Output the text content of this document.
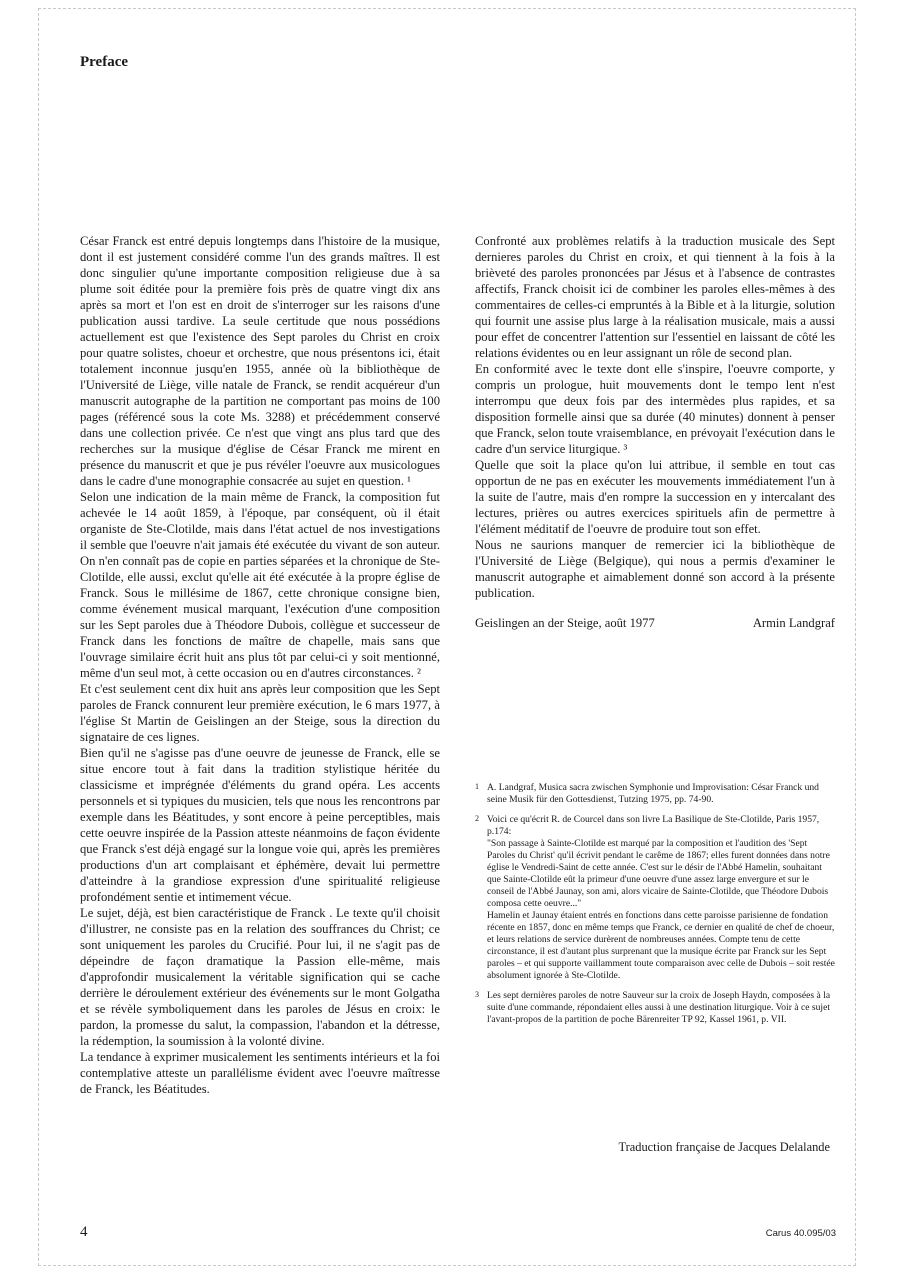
Preface

César Franck est entré depuis longtemps dans l'histoire de la musique, dont il est justement considéré comme l'un des grands maîtres. Il est donc singulier qu'une importante composition religieuse due à sa plume soit éditée pour la première fois près de quatre vingt dix ans après sa mort et l'on est en droit de s'interroger sur les raisons d'une publication aussi tardive. La seule certitude que nous possédions actuellement est que l'existence des Sept paroles du Christ en croix pour quatre solistes, choeur et orchestre, que nous présentons ici, était totalement inconnue jusqu'en 1955, année où la bibliothèque de l'Université de Liège, ville natale de Franck, se rendit acquéreur d'un manuscrit autographe de la partition ne comportant pas moins de 100 pages (référencé sous la cote Ms. 3288) et précédemment conservé dans une collection privée. Ce n'est que vingt ans plus tard que des recherches sur la musique d'église de César Franck me mirent en présence du manuscrit et que je pus révéler l'oeuvre aux musicologues dans le cadre d'une monographie consacrée au sujet en question. ¹

Selon une indication de la main même de Franck, la composition fut achevée le 14 août 1859, à l'époque, par conséquent, où il était organiste de Ste-Clotilde, mais dans l'état actuel de nos investigations il semble que l'oeuvre n'ait jamais été exécutée du vivant de son auteur. On n'en connaît pas de copie en parties séparées et la chronique de Ste-Clotilde, elle aussi, exclut qu'elle ait été exécutée à la propre église de Franck. Sous le millésime de 1867, cette chronique consigne bien, comme événement musical marquant, l'exécution d'une composition sur les Sept paroles due à Théodore Dubois, collègue et successeur de Franck dans les fonctions de maître de chapelle, mais sans que l'ouvrage similaire écrit huit ans plus tôt par celui-ci y soit mentionné, même d'un seul mot, à cette occasion ou en d'autres circonstances. ²

Et c'est seulement cent dix huit ans après leur composition que les Sept paroles de Franck connurent leur première exécution, le 6 mars 1977, à l'église St Martin de Geislingen an der Steige, sous la direction du signataire de ces lignes.

Bien qu'il ne s'agisse pas d'une oeuvre de jeunesse de Franck, elle se situe encore tout à fait dans la tradition stylistique héritée du classicisme et imprégnée d'éléments du grand opéra. Les accents personnels et si typiques du musicien, tels que nous les rencontrons par exemple dans les Béatitudes, y sont encore à peine perceptibles, mais cette oeuvre inspirée de la Passion atteste néanmoins de façon évidente que Franck s'est déjà engagé sur la longue voie qui, après les premières productions d'un art complaisant et éphémère, devait lui permettre d'atteindre à la grandiose expression d'une spiritualité religieuse profondément sentie et intimement vécue.

Le sujet, déjà, est bien caractéristique de Franck . Le texte qu'il choisit d'illustrer, ne consiste pas en la relation des souffrances du Christ; ce sont uniquement les paroles du Crucifié. Pour lui, il ne s'agit pas de dépeindre de façon dramatique la Passion elle-même, mais d'approfondir musicalement la véritable signification qui se cache derrière le déroulement extérieur des événements sur le mont Golgatha et se révèle symboliquement dans les paroles de Jésus en croix: le pardon, la promesse du salut, la compassion, l'abandon et la détresse, la rédemption, la soumission à la volonté divine.

La tendance à exprimer musicalement les sentiments intérieurs et la foi contemplative atteste un parallélisme évident avec l'oeuvre maîtresse de Franck, les Béatitudes.

Confronté aux problèmes relatifs à la traduction musicale des Sept dernieres paroles du Christ en croix, et qui tiennent à la fois à la brièveté des paroles prononcées par Jésus et à l'absence de contrastes affectifs, Franck choisit ici de combiner les paroles elles-mêmes à des commentaires de celles-ci empruntés à la Bible et à la liturgie, solution qui fournit une assise plus large à la réalisation musicale, mais a aussi pour effet de concentrer l'attention sur l'essentiel en laissant de côté les relations évidentes ou en leur assignant un rôle de second plan.

En conformité avec le texte dont elle s'inspire, l'oeuvre comporte, y compris un prologue, huit mouvements dont le tempo lent n'est interrompu que deux fois par des intermèdes plus rapides, et sa disposition formelle ainsi que sa durée (40 minutes) donnent à penser que Franck, selon toute vraisemblance, en prévoyait l'exécution dans le cadre d'un service liturgique. ³

Quelle que soit la place qu'on lui attribue, il semble en tout cas opportun de ne pas en exécuter les mouvements immédiatement l'un à la suite de l'autre, mais d'en rompre la succession en y intercalant des lectures, prières ou autres exercices spirituels afin de permettre à l'élément méditatif de l'oeuvre de produire tout son effet.

Nous ne saurions manquer de remercier ici la bibliothèque de l'Université de Liège (Belgique), qui nous a permis d'examiner le manuscrit autographe et aimablement donné son accord à la présente publication.

Geislingen an der Steige, août 1977	Armin Landgraf
1 A. Landgraf, Musica sacra zwischen Symphonie und Improvisation: César Franck und seine Musik für den Gottesdienst, Tutzing 1975, pp. 74-90.

2 Voici ce qu'écrit R. de Courcel dans son livre La Basilique de Ste-Clotilde, Paris 1957, p.174:

"Son passage à Sainte-Clotilde est marqué par la composition et l'audition des 'Sept Paroles du Christ' qu'il écrivit pendant le carême de 1867; elles furent données dans notre église le Vendredi-Saint de cette année. C'est sur le désir de l'Abbé Hamelin, souhaitant que Sainte-Clotilde eût la primeur d'une oeuvre d'une assez large envergure et sur le conseil de l'Abbé Jaunay, son ami, alors vicaire de Sainte-Clotilde, que Théodore Dubois composa cette oeuvre..."

Hamelin et Jaunay étaient entrés en fonctions dans cette paroisse parisienne de fondation récente en 1857, donc en même temps que Franck, ce dernier en qualité de chef de choeur, et leurs relations de service durèrent de nombreuses années. Compte tenu de cette circonstance, il est d'autant plus surprenant que la musique écrite par Franck sur les Sept paroles – et qui supporte vaillamment toute comparaison avec celle de Dubois – soit restée absolument ignorée à Ste-Clotilde.

3 Les sept dernières paroles de notre Sauveur sur la croix de Joseph Haydn, composées à la suite d'une commande, répondaient elles aussi à une destination liturgique. Voir à ce sujet l'avant-propos de la partition de poche Bärenreiter TP 92, Kassel 1961, p. VII.

Traduction française de Jacques Delalande
4	Carus 40.095/03
